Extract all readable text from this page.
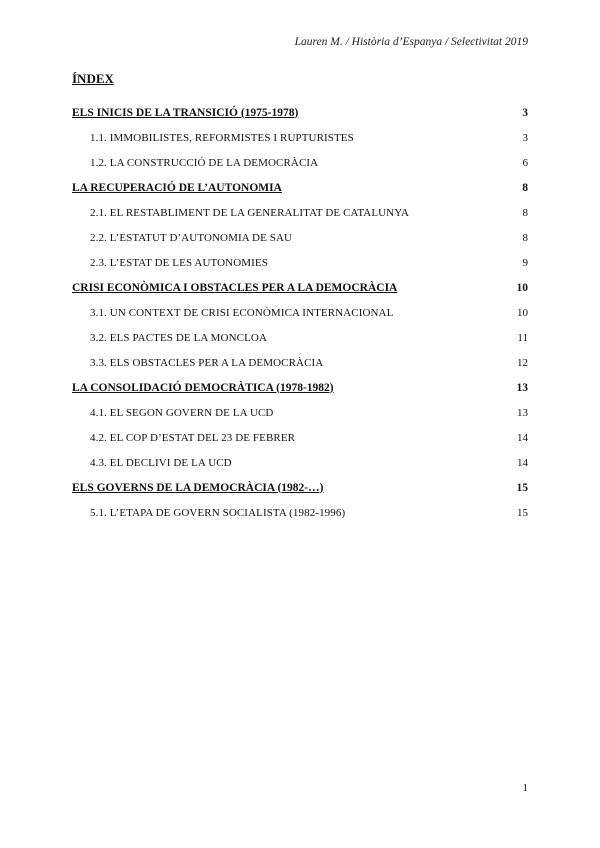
Lauren M. / Història d’Espanya / Selectivitat 2019
ÍNDEX
ELS INICIS DE LA TRANSICIÓ (1975-1978)	3
1.1. IMMOBILISTES, REFORMISTES I RUPTURISTES	3
1.2. LA CONSTRUCCIÓ DE LA DEMOCRÀCIA	6
LA RECUPERACIÓ DE L’AUTONOMIA	8
2.1. EL RESTABLIMENT DE LA GENERALITAT DE CATALUNYA	8
2.2. L’ESTATUT D’AUTONOMIA DE SAU	8
2.3. L’ESTAT DE LES AUTONOMIES	9
CRISI ECONÒMICA I OBSTACLES PER A LA DEMOCRÀCIA	10
3.1. UN CONTEXT DE CRISI ECONÒMICA INTERNACIONAL	10
3.2. ELS PACTES DE LA MONCLOA	11
3.3. ELS OBSTACLES PER A LA DEMOCRÀCIA	12
LA CONSOLIDACIÓ DEMOCRÀTICA (1978-1982)	13
4.1. EL SEGON GOVERN DE LA UCD	13
4.2. EL COP D’ESTAT DEL 23 DE FEBRER	14
4.3. EL DECLIVI DE LA UCD	14
ELS GOVERNS DE LA DEMOCRÀCIA (1982-…)	15
5.1. L’ETAPA DE GOVERN SOCIALISTA (1982-1996)	15
1
